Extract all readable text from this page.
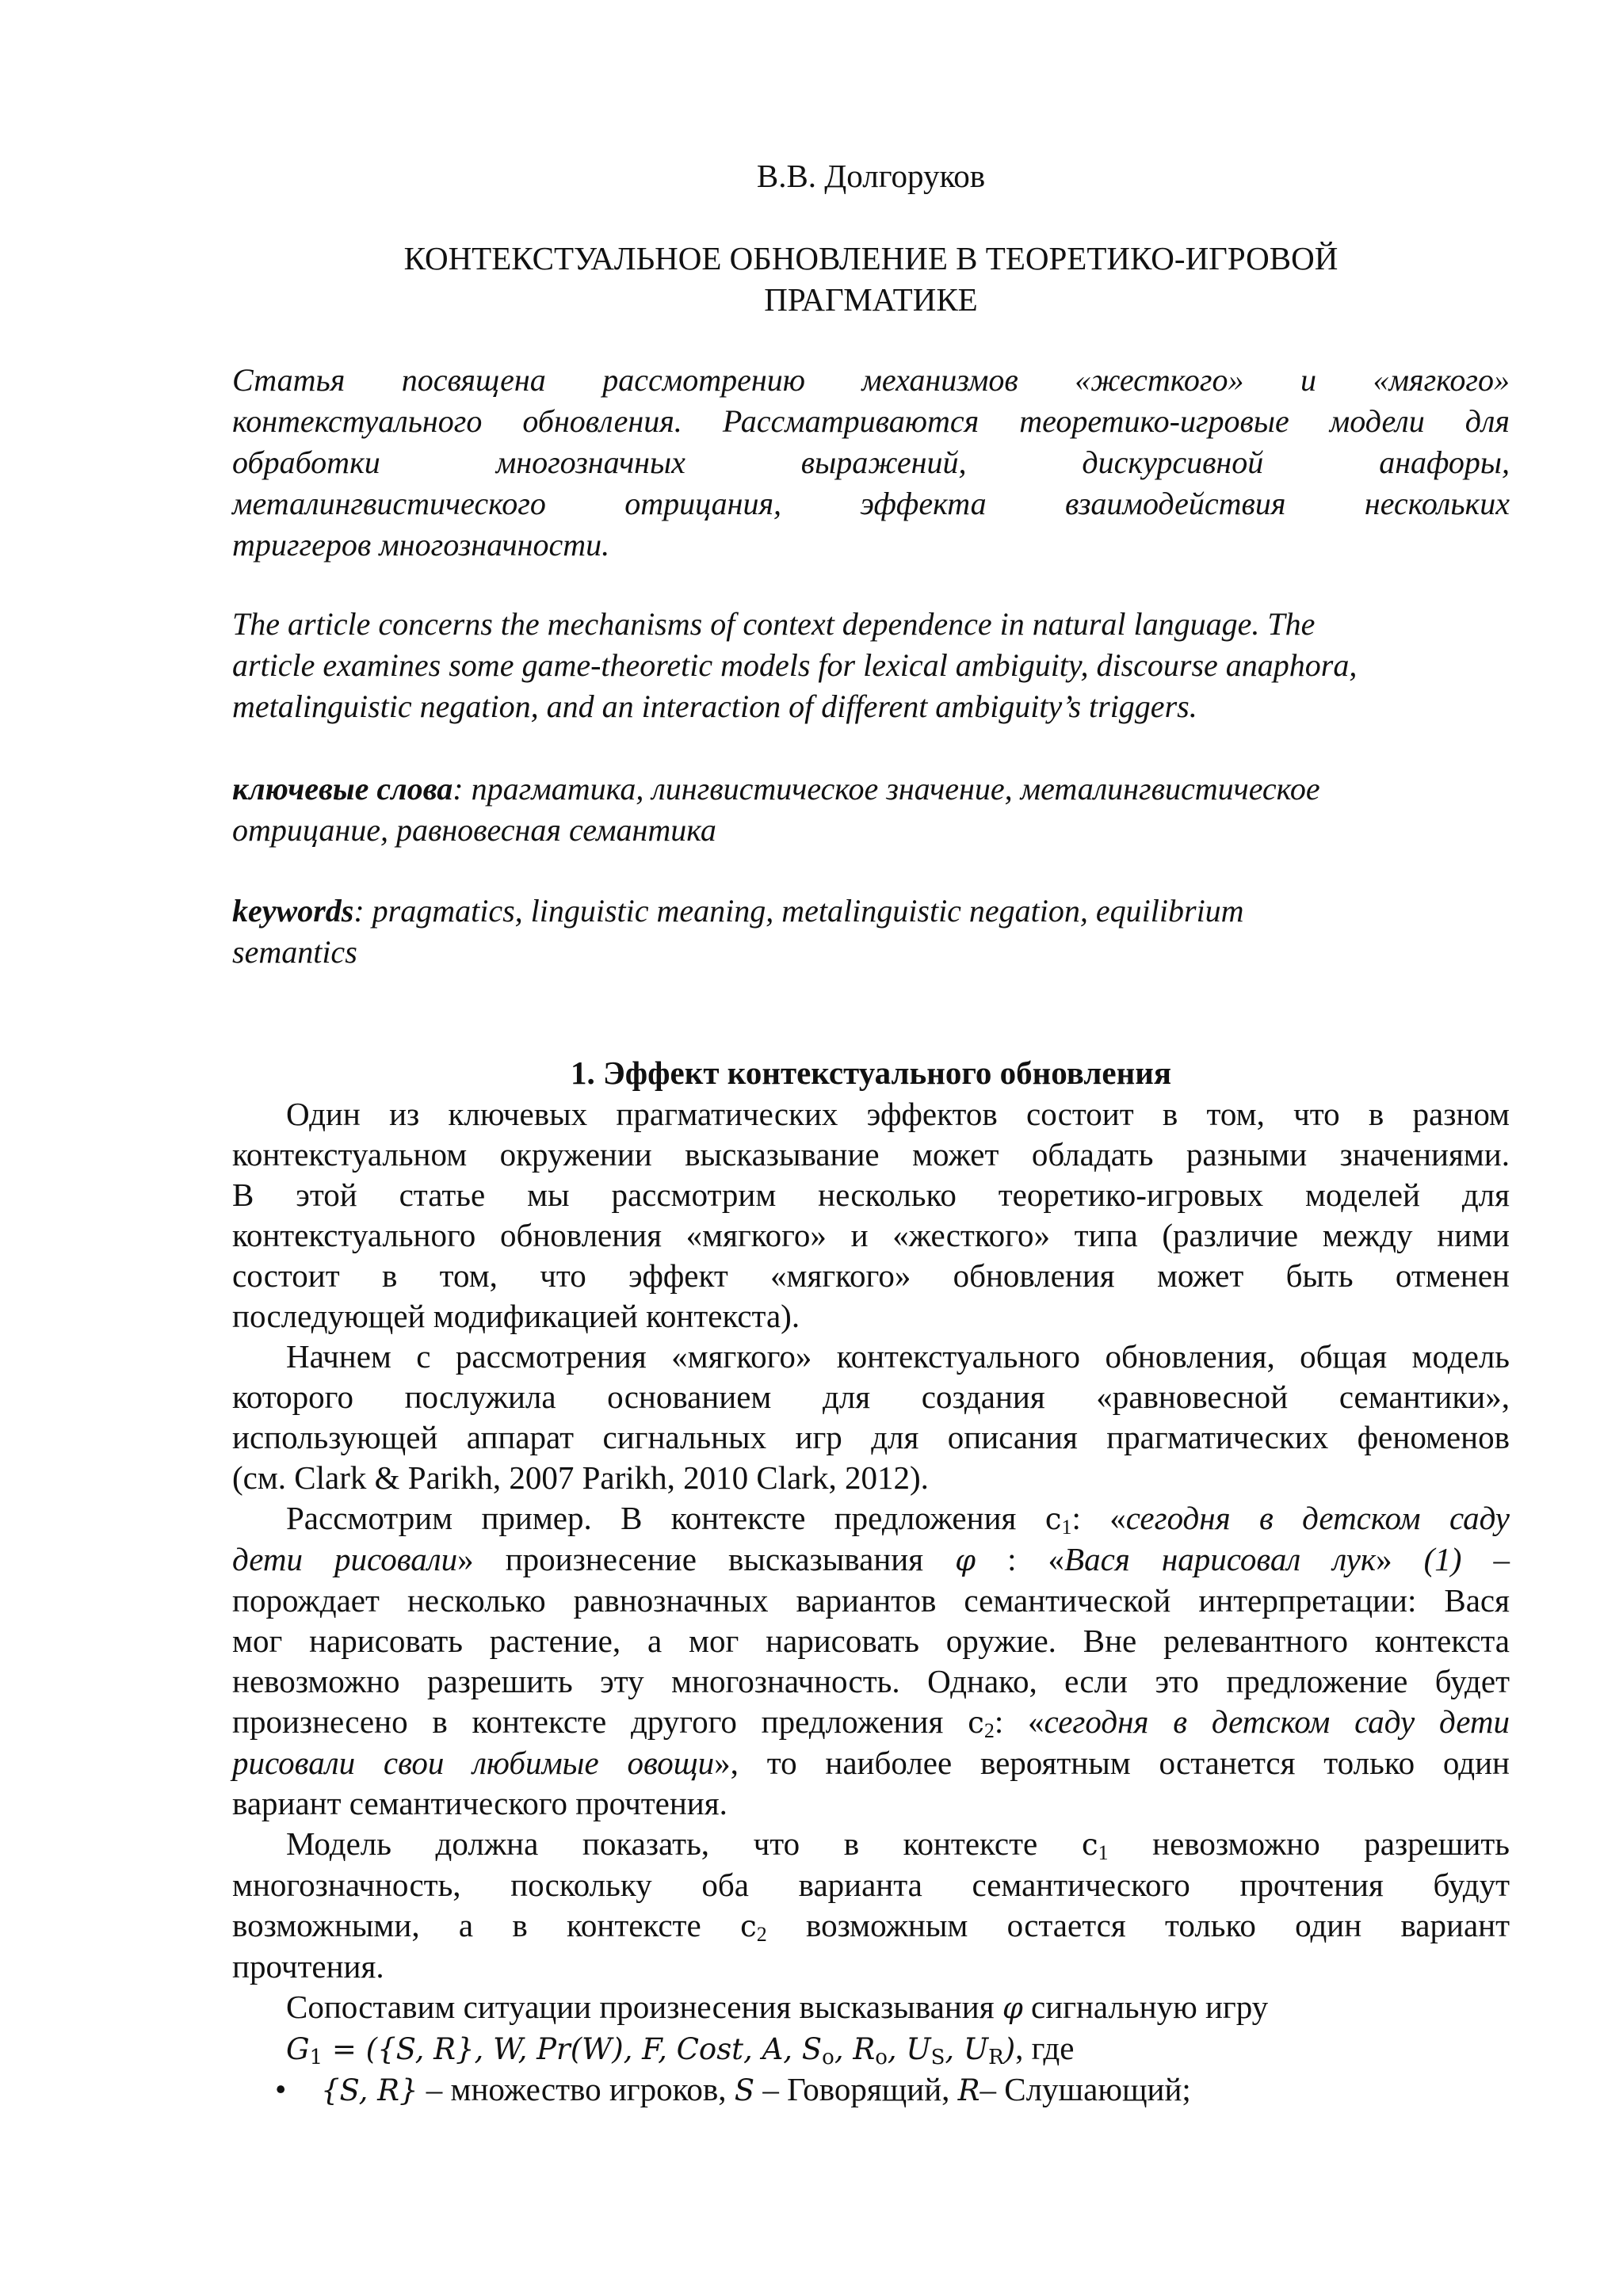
В.В. Долгоруков

КОНТЕКСТУАЛЬНОЕ ОБНОВЛЕНИЕ В ТЕОРЕТИКО-ИГРОВОЙ

ПРАГМАТИКЕ

Статья посвящена рассмотрению механизмов «жесткого» и «мягкого»

контекстуального обновления. Рассматриваются теоретико-игровые модели для

обработки многозначных выражений, дискурсивной анафоры,

металингвистического отрицания, эффекта взаимодействия нескольких

триггеров многозначности.

The article concerns the mechanisms of context dependence in natural language. The

article examines some game-theoretic models for lexical ambiguity, discourse anaphora,

metalinguistic negation, and an interaction of different ambiguity’s triggers.

ключевые слова: прагматика, лингвистическое значение, металингвистическое

отрицание, равновесная семантика

keywords: pragmatics, linguistic meaning, metalinguistic negation, equilibrium

semantics

1. Эффект контекстуального обновления

Один из ключевых прагматических эффектов состоит в том, что в разном

контекстуальном окружении высказывание может обладать разными значениями.

В этой статье мы рассмотрим несколько теоретико-игровых моделей для

контекстуального обновления «мягкого» и «жесткого» типа (различие между ними

состоит в том, что эффект «мягкого» обновления может быть отменен

последующей модификацией контекста).

Начнем с рассмотрения «мягкого» контекстуального обновления, общая модель

которого послужила основанием для создания «равновесной семантики»,

использующей аппарат сигнальных игр для описания прагматических феноменов

(см. Clark & Parikh, 2007 Parikh, 2010 Clark, 2012).

Рассмотрим пример. В контексте предложения $c_1$: «сегодня в детском саду

дети рисовали» произнесение высказывания φ : «Вася нарисовал лук» (1) –

порождает несколько равнозначных вариантов семантической интерпретации: Вася

мог нарисовать растение, а мог нарисовать оружие. Вне релевантного контекста

невозможно разрешить эту многозначность. Однако, если это предложение будет

произнесено в контексте другого предложения $c_2$: «сегодня в детском саду дети

рисовали свои любимые овощи», то наиболее вероятным останется только один

вариант семантического прочтения.

Модель должна показать, что в контексте $c_1$ невозможно разрешить

многозначность, поскольку оба варианта семантического прочтения будут

возможными, а в контексте $c_2$ возможным остается только один вариант

прочтения.

Сопоставим ситуации произнесения высказывания φ сигнальную игру

$G_1 = (\{S$, R}, W, Pr(W), F, Cost, A, $S_o$, $R_o$, $U_S$, $U_R$), где

• {S, R} – множество игроков, S – Говорящий, R– Слушающий;
